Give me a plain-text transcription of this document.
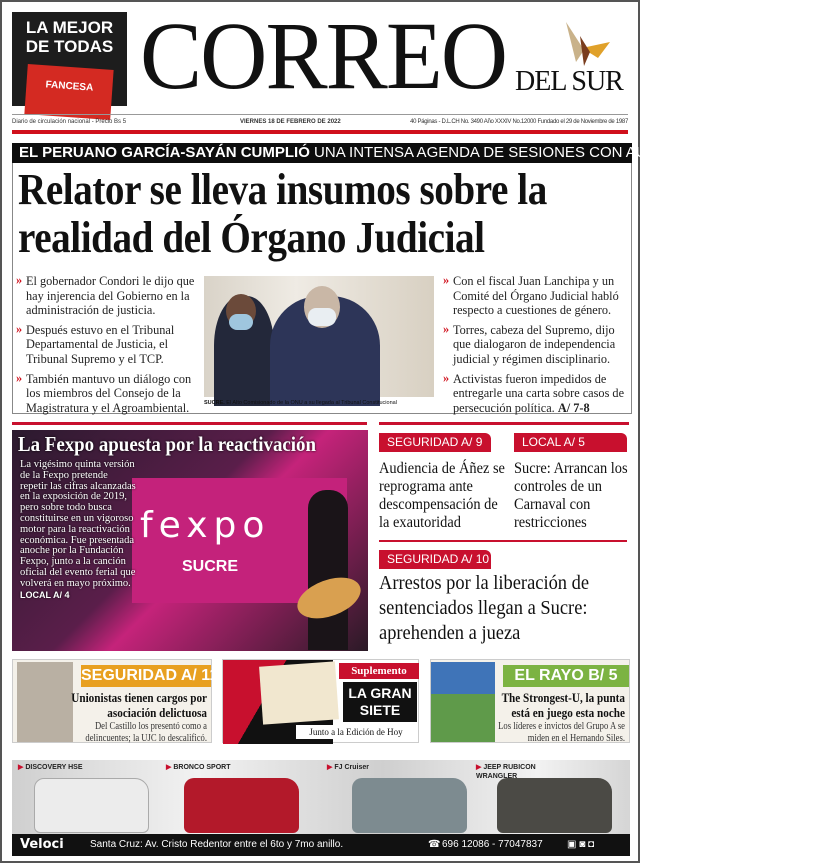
LA MEJOR DE TODAS
FANCESA CORREO DEL SUR
Diario de circulación nacional - Precio Bs 5	VIERNES 18 DE FEBRERO DE 2022	40 Páginas - D.L.CH No. 3490 Año XXXIV No.12000 Fundado el 29 de Noviembre de 1987
EL PERUANO GARCÍA-SAYÁN CUMPLIÓ UNA INTENSA AGENDA DE SESIONES CON AUTORIDADES EN SUCRE
Relator se lleva insumos sobre la realidad del Órgano Judicial
» El gobernador Condori le dijo que hay injerencia del Gobierno en la administración de justicia.
» Después estuvo en el Tribunal Departamental de Justicia, el Tribunal Supremo y el TCP.
» También mantuvo un diálogo con los miembros del Consejo de la Magistratura y el Agroambiental.	SUCRE. El Alto Comisionado de la ONU a su llegada al Tribunal Constitucional
» Con el fiscal Juan Lanchipa y un Comité del Órgano Judicial habló respecto a cuestiones de género.
» Torres, cabeza del Supremo, dijo que dialogaron de independencia judicial y régimen disciplinario.
» Activistas fueron impedidos de entregarle una carta sobre casos de persecución política. A/ 7-8
fexpo
SUCRE
La Fexpo apuesta por la reactivación
La vigésimo quinta versión de la Fexpo pretende repetir las cifras alcanzadas en la exposición de 2019, pero sobre todo busca constituirse en un vigoroso motor para la reactivación económica. Fue presentada anoche por la Fundación Fexpo, junto a la canción oficial del evento ferial que volverá en mayo próximo. LOCAL A/ 4
SEGURIDAD A/ 9	LOCAL A/ 5
Audiencia de Áñez se reprograma ante descompensación de la exautoridad
Sucre: Arrancan los controles de un Carnaval con restricciones
SEGURIDAD A/ 10
Arrestos por la liberación de sentenciados llegan a Sucre: aprehenden a jueza
SEGURIDAD A/ 11
Unionistas tienen cargos por asociación delictuosa
Del Castillo los presentó como a delincuentes; la UJC lo descalificó.
Suplemento
LA GRAN SIETE
Junto a la Edición de Hoy
EL RAYO B/ 5
The Strongest-U, la punta está en juego esta noche
Los líderes e invictos del Grupo A se miden en el Hernando Siles.
▶ DISCOVERY HSE	▶ BRONCO SPORT	▶ FJ Cruiser	▶ JEEP RUBICON WRANGLER
Veloci	Santa Cruz: Av. Cristo Redentor entre el 6to y 7mo anillo.	☎ 696 12086 - 77047837 ▣ ◙ ◘
